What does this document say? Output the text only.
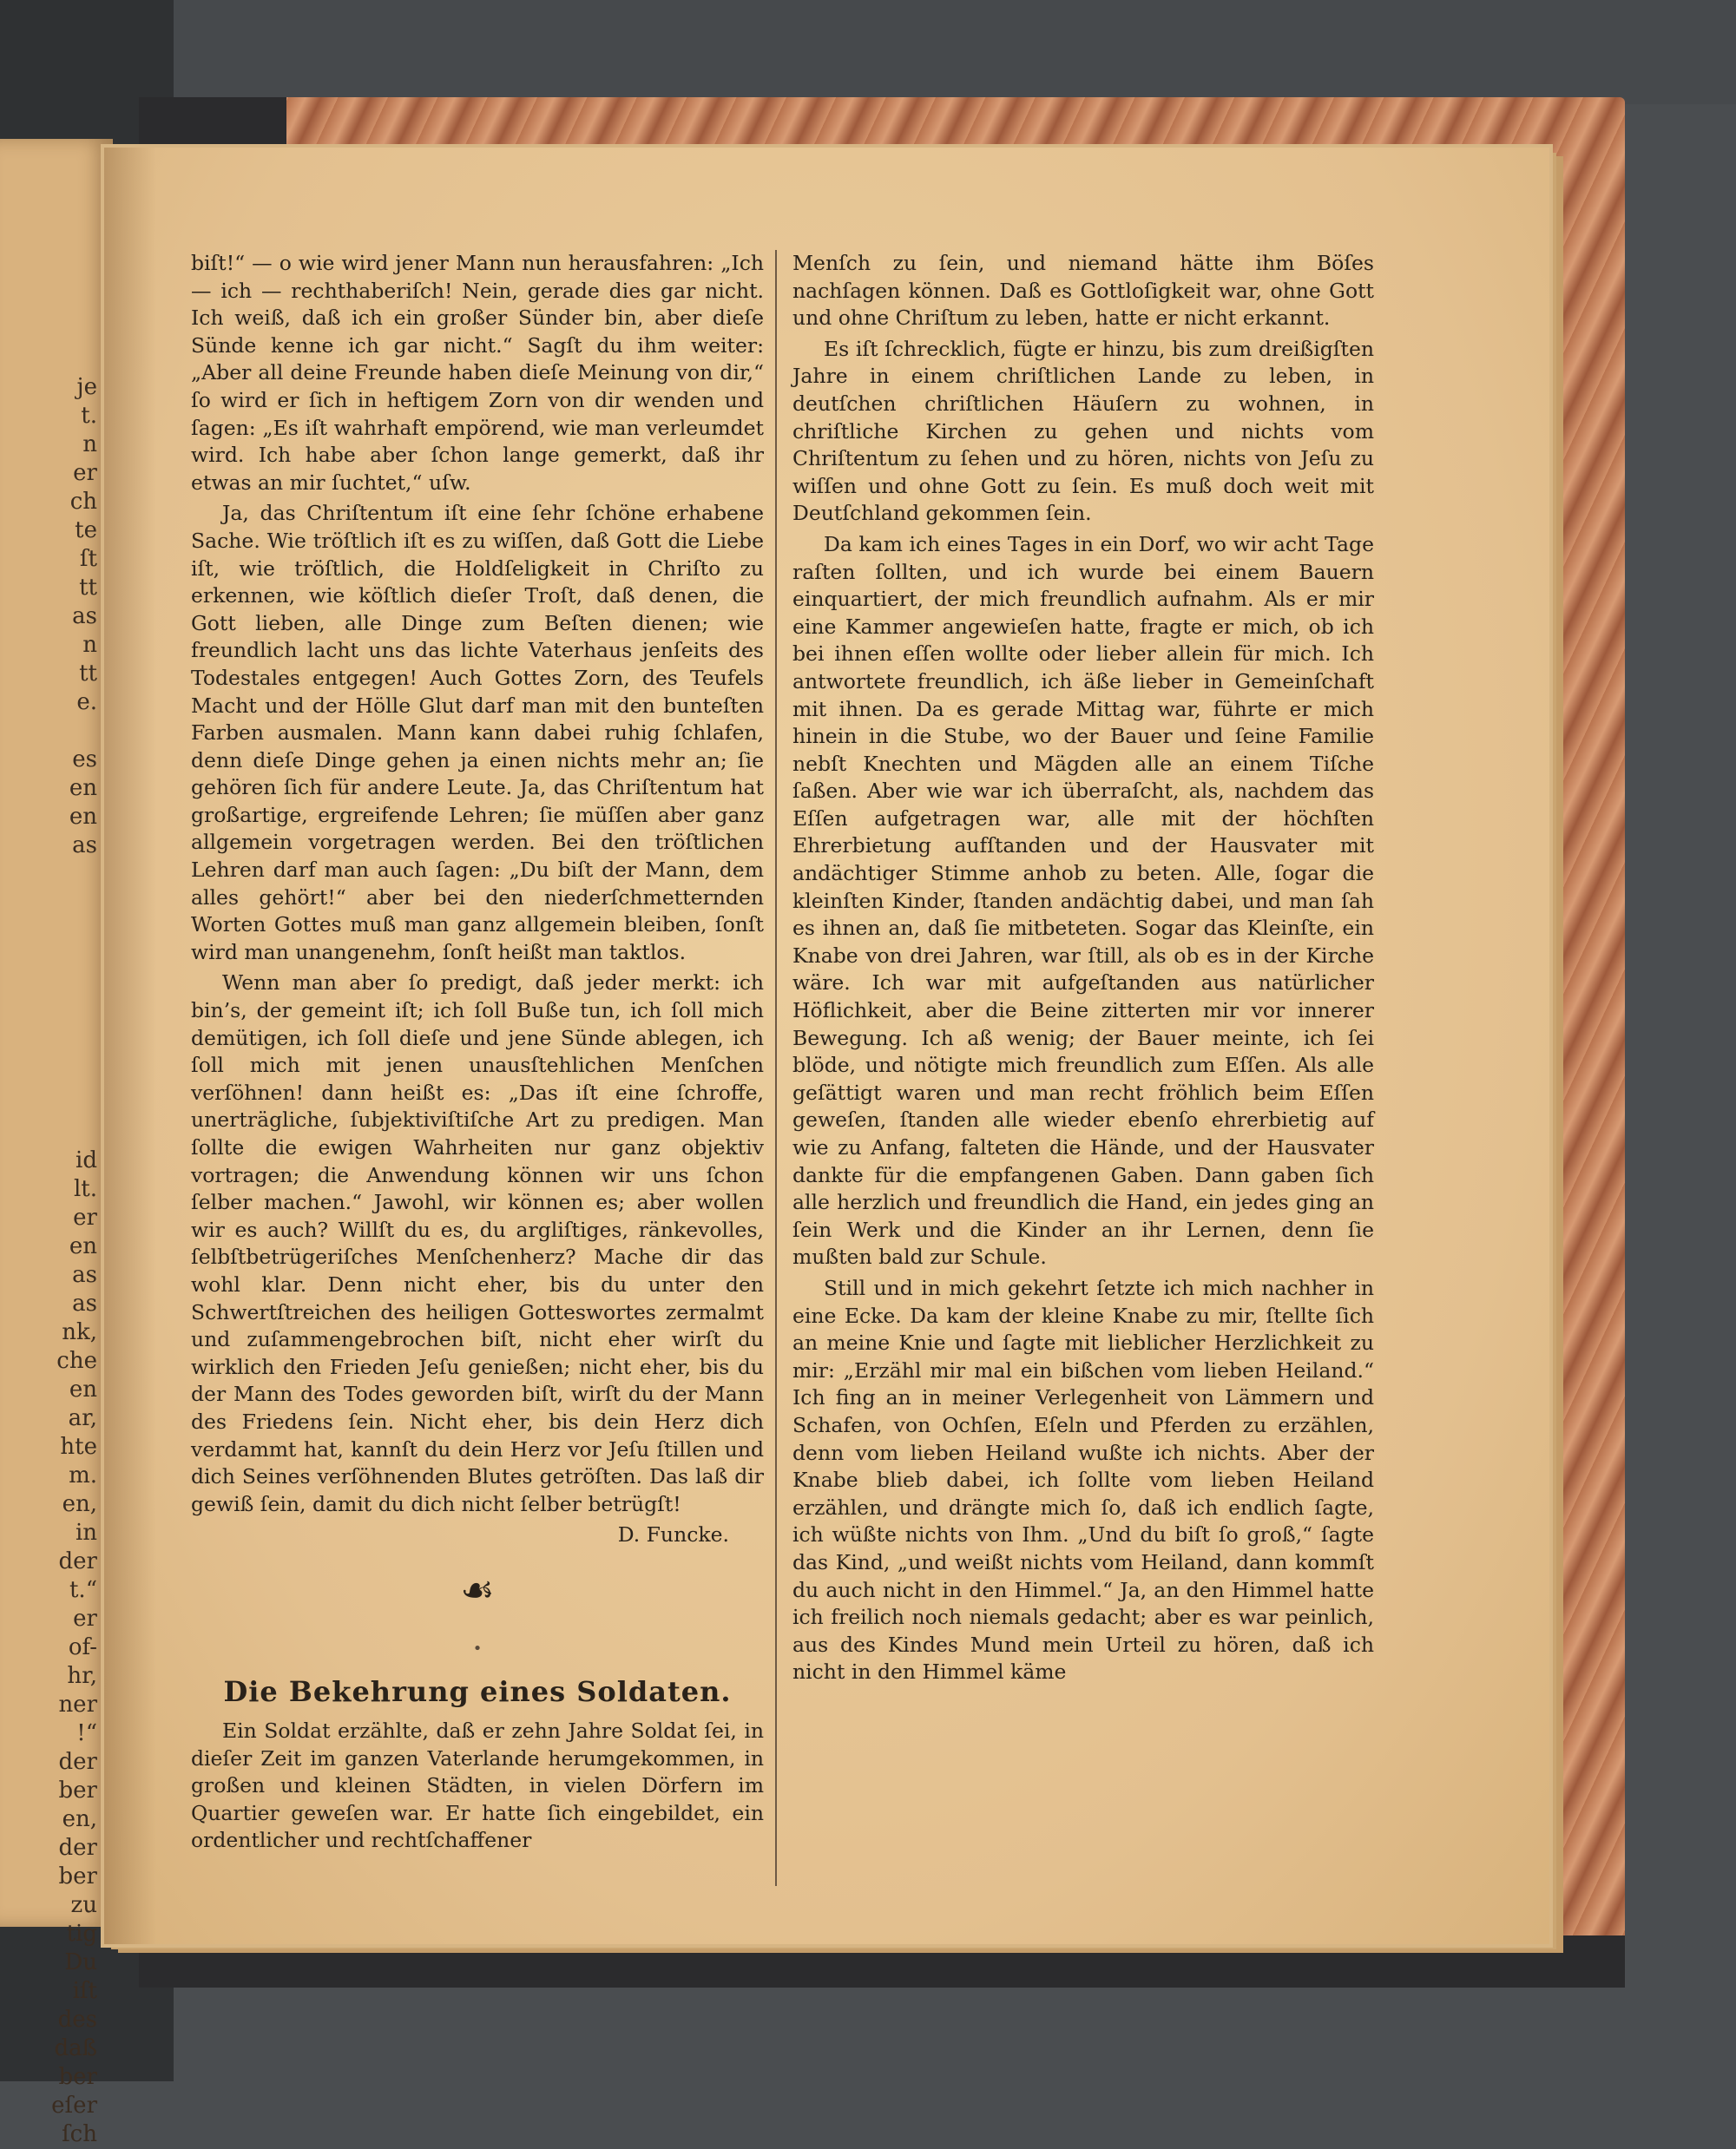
je
t.
n
er
ch
te
ſt
tt
as
n
tt
e.
es
en
en
as
id
lt.
er
en
as
as
nk,
che
en
ar,
hte
m.
en,
in
der
t.“
er
of-
hr,
ner
!“
der
ber
en,
der
ber
zu
tig
Du
iſt
des
daß
ber
eſer
ſch

biſt!“ — o wie wird jener Mann nun herausfahren: „Ich — ich — rechthaberiſch! Nein, gerade dies gar nicht. Ich weiß, daß ich ein großer Sünder bin, aber dieſe Sünde kenne ich gar nicht.“ Sagſt du ihm weiter: „Aber all deine Freunde haben dieſe Meinung von dir,“ ſo wird er ſich in heftigem Zorn von dir wenden und ſagen: „Es iſt wahrhaft empörend, wie man verleumdet wird. Ich habe aber ſchon lange gemerkt, daß ihr etwas an mir ſuchtet,“ uſw.

Ja, das Chriſtentum iſt eine ſehr ſchöne erhabene Sache. Wie tröſtlich iſt es zu wiſſen, daß Gott die Liebe iſt, wie tröſtlich, die Holdſeligkeit in Chriſto zu erkennen, wie köſtlich dieſer Troſt, daß denen, die Gott lieben, alle Dinge zum Beſten dienen; wie freundlich lacht uns das lichte Vaterhaus jenſeits des Todestales entgegen! Auch Gottes Zorn, des Teufels Macht und der Hölle Glut darf man mit den bunteſten Farben ausmalen. Mann kann dabei ruhig ſchlafen, denn dieſe Dinge gehen ja einen nichts mehr an; ſie gehören ſich für andere Leute. Ja, das Chriſtentum hat großartige, ergreifende Lehren; ſie müſſen aber ganz allgemein vorgetragen werden. Bei den tröſtlichen Lehren darf man auch ſagen: „Du biſt der Mann, dem alles gehört!“ aber bei den niederſchmetternden Worten Gottes muß man ganz allgemein bleiben, ſonſt wird man unangenehm, ſonſt heißt man taktlos.

Wenn man aber ſo predigt, daß jeder merkt: ich bin’s, der gemeint iſt; ich ſoll Buße tun, ich ſoll mich demütigen, ich ſoll dieſe und jene Sünde ablegen, ich ſoll mich mit jenen unausſtehlichen Menſchen verſöhnen! dann heißt es: „Das iſt eine ſchroffe, unerträgliche, ſubjektiviſtiſche Art zu predigen. Man ſollte die ewigen Wahrheiten nur ganz objektiv vortragen; die Anwendung können wir uns ſchon ſelber machen.“ Jawohl, wir können es; aber wollen wir es auch? Willſt du es, du argliſtiges, ränkevolles, ſelbſtbetrügeriſches Menſchenherz? Mache dir das wohl klar. Denn nicht eher, bis du unter den Schwertſtreichen des heiligen Gotteswortes zermalmt und zuſammengebrochen biſt, nicht eher wirſt du wirklich den Frieden Jeſu genießen; nicht eher, bis du der Mann des Todes geworden biſt, wirſt du der Mann des Friedens ſein. Nicht eher, bis dein Herz dich verdammt hat, kannſt du dein Herz vor Jeſu ſtillen und dich Seines verſöhnenden Blutes getröſten. Das laß dir gewiß ſein, damit du dich nicht ſelber betrügſt!

D. Funcke.

☙
•
Die Bekehrung eines Soldaten.

Ein Soldat erzählte, daß er zehn Jahre Soldat ſei, in dieſer Zeit im ganzen Vaterlande herumgekommen, in großen und kleinen Städten, in vielen Dörfern im Quartier geweſen war. Er hatte ſich eingebildet, ein ordentlicher und rechtſchaffener

Menſch zu ſein, und niemand hätte ihm Böſes nachſagen können. Daß es Gottloſigkeit war, ohne Gott und ohne Chriſtum zu leben, hatte er nicht erkannt.

Es iſt ſchrecklich, fügte er hinzu, bis zum dreißigſten Jahre in einem chriſtlichen Lande zu leben, in deutſchen chriſtlichen Häuſern zu wohnen, in chriſtliche Kirchen zu gehen und nichts vom Chriſtentum zu ſehen und zu hören, nichts von Jeſu zu wiſſen und ohne Gott zu ſein. Es muß doch weit mit Deutſchland gekommen ſein.

Da kam ich eines Tages in ein Dorf, wo wir acht Tage raſten ſollten, und ich wurde bei einem Bauern einquartiert, der mich freundlich aufnahm. Als er mir eine Kammer angewieſen hatte, fragte er mich, ob ich bei ihnen eſſen wollte oder lieber allein für mich. Ich antwortete freundlich, ich äße lieber in Gemeinſchaft mit ihnen. Da es gerade Mittag war, führte er mich hinein in die Stube, wo der Bauer und ſeine Familie nebſt Knechten und Mägden alle an einem Tiſche ſaßen. Aber wie war ich überraſcht, als, nachdem das Eſſen aufgetragen war, alle mit der höchſten Ehrerbietung aufſtanden und der Hausvater mit andächtiger Stimme anhob zu beten. Alle, ſogar die kleinſten Kinder, ſtanden andächtig dabei, und man ſah es ihnen an, daß ſie mitbeteten. Sogar das Kleinſte, ein Knabe von drei Jahren, war ſtill, als ob es in der Kirche wäre. Ich war mit aufgeſtanden aus natürlicher Höflichkeit, aber die Beine zitterten mir vor innerer Bewegung. Ich aß wenig; der Bauer meinte, ich ſei blöde, und nötigte mich freundlich zum Eſſen. Als alle geſättigt waren und man recht fröhlich beim Eſſen geweſen, ſtanden alle wieder ebenſo ehrerbietig auf wie zu Anfang, falteten die Hände, und der Hausvater dankte für die empfangenen Gaben. Dann gaben ſich alle herzlich und freundlich die Hand, ein jedes ging an ſein Werk und die Kinder an ihr Lernen, denn ſie mußten bald zur Schule.

Still und in mich gekehrt ſetzte ich mich nachher in eine Ecke. Da kam der kleine Knabe zu mir, ſtellte ſich an meine Knie und ſagte mit lieblicher Herzlichkeit zu mir: „Erzähl mir mal ein bißchen vom lieben Heiland.“ Ich fing an in meiner Verlegenheit von Lämmern und Schafen, von Ochſen, Eſeln und Pferden zu erzählen, denn vom lieben Heiland wußte ich nichts. Aber der Knabe blieb dabei, ich ſollte vom lieben Heiland erzählen, und drängte mich ſo, daß ich endlich ſagte, ich wüßte nichts von Ihm. „Und du biſt ſo groß,“ ſagte das Kind, „und weißt nichts vom Heiland, dann kommſt du auch nicht in den Himmel.“ Ja, an den Himmel hatte ich freilich noch niemals gedacht; aber es war peinlich, aus des Kindes Mund mein Urteil zu hören, daß ich nicht in den Himmel käme
